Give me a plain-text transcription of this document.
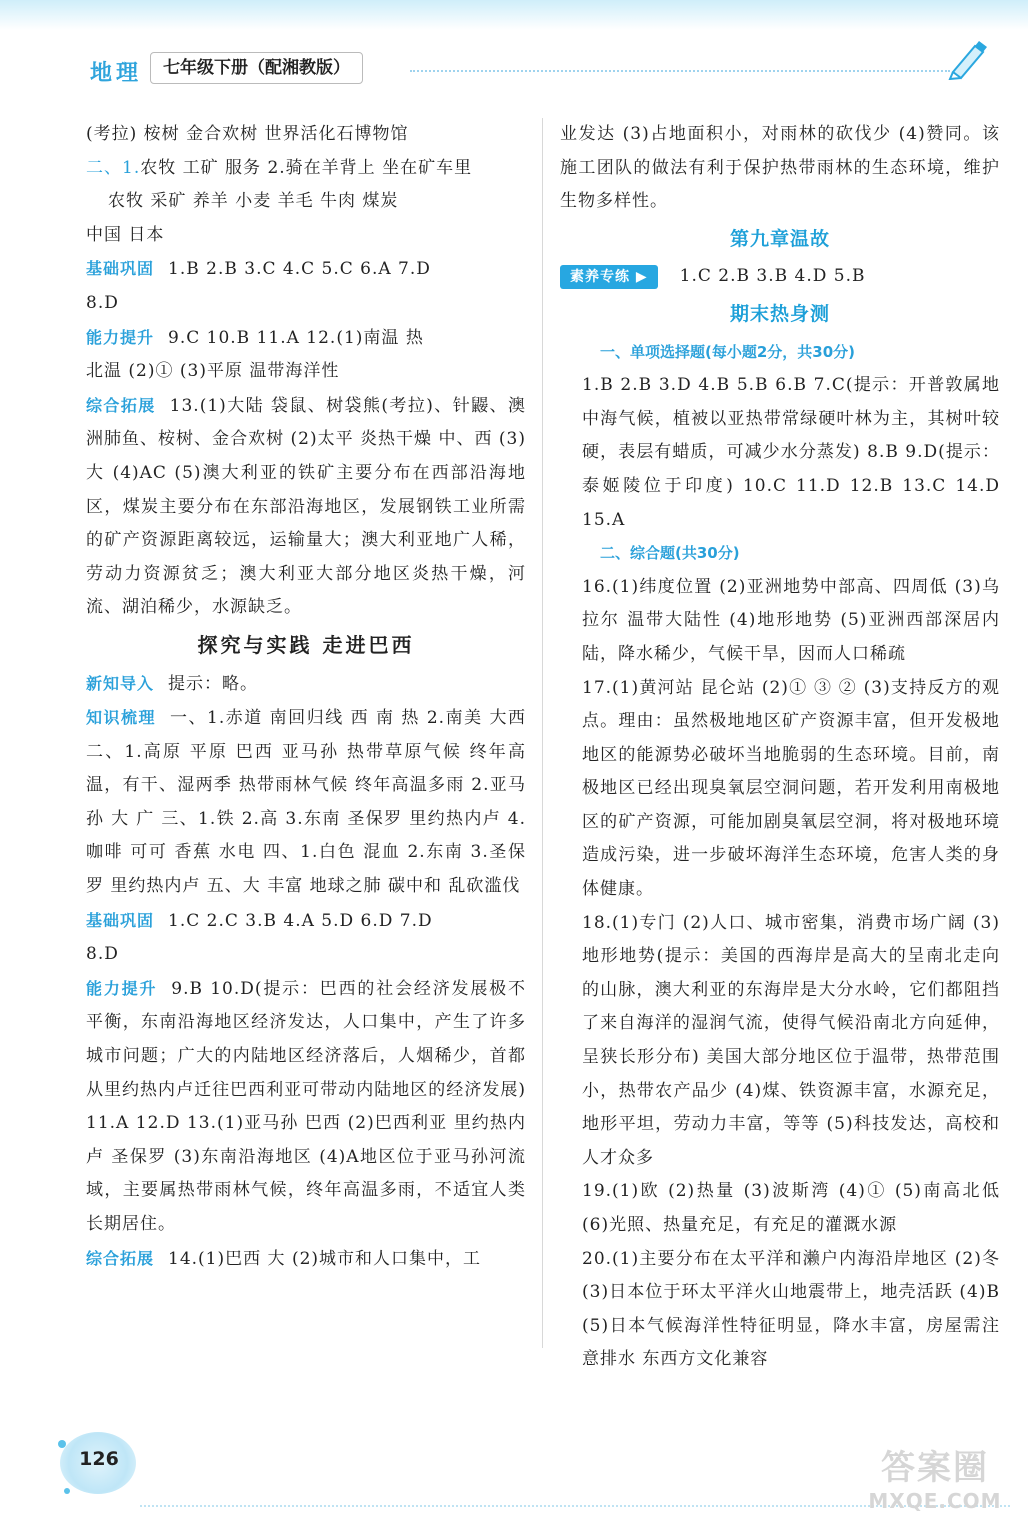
地理	七年级下册（配湘教版）

(考拉) 桉树 金合欢树 世界活化石博物馆

二、1.农牧 工矿 服务 2.骑在羊背上 坐在矿车里

农牧 采矿 养羊 小麦 羊毛 牛肉 煤炭

中国 日本

基础巩固 1.B 2.B 3.C 4.C 5.C 6.A 7.D

8.D

能力提升 9.C 10.B 11.A 12.(1)南温 热

北温 (2)① (3)平原 温带海洋性

综合拓展 13.(1)大陆 袋鼠、树袋熊(考拉)、针鼹、澳洲肺鱼、桉树、金合欢树 (2)太平 炎热干燥 中、西 (3)大 (4)AC (5)澳大利亚的铁矿主要分布在西部沿海地区，煤炭主要分布在东部沿海地区，发展钢铁工业所需的矿产资源距离较远，运输量大；澳大利亚地广人稀，劳动力资源贫乏；澳大利亚大部分地区炎热干燥，河流、湖泊稀少，水源缺乏。

探究与实践 走进巴西

新知导入 提示：略。

知识梳理 一、1.赤道 南回归线 西 南 热 2.南美 大西 二、1.高原 平原 巴西 亚马孙 热带草原气候 终年高温，有干、湿两季 热带雨林气候 终年高温多雨 2.亚马孙 大 广 三、1.铁 2.高 3.东南 圣保罗 里约热内卢 4.咖啡 可可 香蕉 水电 四、1.白色 混血 2.东南 3.圣保罗 里约热内卢 五、大 丰富 地球之肺 碳中和 乱砍滥伐

基础巩固 1.C 2.C 3.B 4.A 5.D 6.D 7.D

8.D

能力提升 9.B 10.D(提示：巴西的社会经济发展极不平衡，东南沿海地区经济发达，人口集中，产生了许多城市问题；广大的内陆地区经济落后，人烟稀少，首都从里约热内卢迁往巴西利亚可带动内陆地区的经济发展) 11.A 12.D 13.(1)亚马孙 巴西 (2)巴西利亚 里约热内卢 圣保罗 (3)东南沿海地区 (4)A地区位于亚马孙河流域，主要属热带雨林气候，终年高温多雨，不适宜人类长期居住。

综合拓展 14.(1)巴西 大 (2)城市和人口集中，工

业发达 (3)占地面积小，对雨林的砍伐少 (4)赞同。该施工团队的做法有利于保护热带雨林的生态环境，维护生物多样性。

第九章温故

素养专练 ▶ 1.C 2.B 3.B 4.D 5.B

期末热身测

一、单项选择题(每小题2分，共30分)

1.B 2.B 3.D 4.B 5.B 6.B 7.C(提示：开普敦属地中海气候，植被以亚热带常绿硬叶林为主，其树叶较硬，表层有蜡质，可减少水分蒸发) 8.B 9.D(提示：泰姬陵位于印度) 10.C 11.D 12.B 13.C 14.D 15.A

二、综合题(共30分)

16.(1)纬度位置 (2)亚洲地势中部高、四周低 (3)乌拉尔 温带大陆性 (4)地形地势 (5)亚洲西部深居内陆，降水稀少，气候干旱，因而人口稀疏

17.(1)黄河站 昆仑站 (2)① ③ ② (3)支持反方的观点。理由：虽然极地地区矿产资源丰富，但开发极地地区的能源势必破坏当地脆弱的生态环境。目前，南极地区已经出现臭氧层空洞问题，若开发利用南极地区的矿产资源，可能加剧臭氧层空洞，将对极地环境造成污染，进一步破坏海洋生态环境，危害人类的身体健康。

18.(1)专门 (2)人口、城市密集，消费市场广阔 (3)地形地势(提示：美国的西海岸是高大的呈南北走向的山脉，澳大利亚的东海岸是大分水岭，它们都阻挡了来自海洋的湿润气流，使得气候沿南北方向延伸，呈狭长形分布) 美国大部分地区位于温带，热带范围小，热带农产品少 (4)煤、铁资源丰富，水源充足，地形平坦，劳动力丰富，等等 (5)科技发达，高校和人才众多

19.(1)欧 (2)热量 (3)波斯湾 (4)① (5)南高北低 (6)光照、热量充足，有充足的灌溉水源

20.(1)主要分布在太平洋和濑户内海沿岸地区 (2)冬 (3)日本位于环太平洋火山地震带上，地壳活跃 (4)B (5)日本气候海洋性特征明显，降水丰富，房屋需注意排水 东西方文化兼容

126	答案圈
MXQE.COM
